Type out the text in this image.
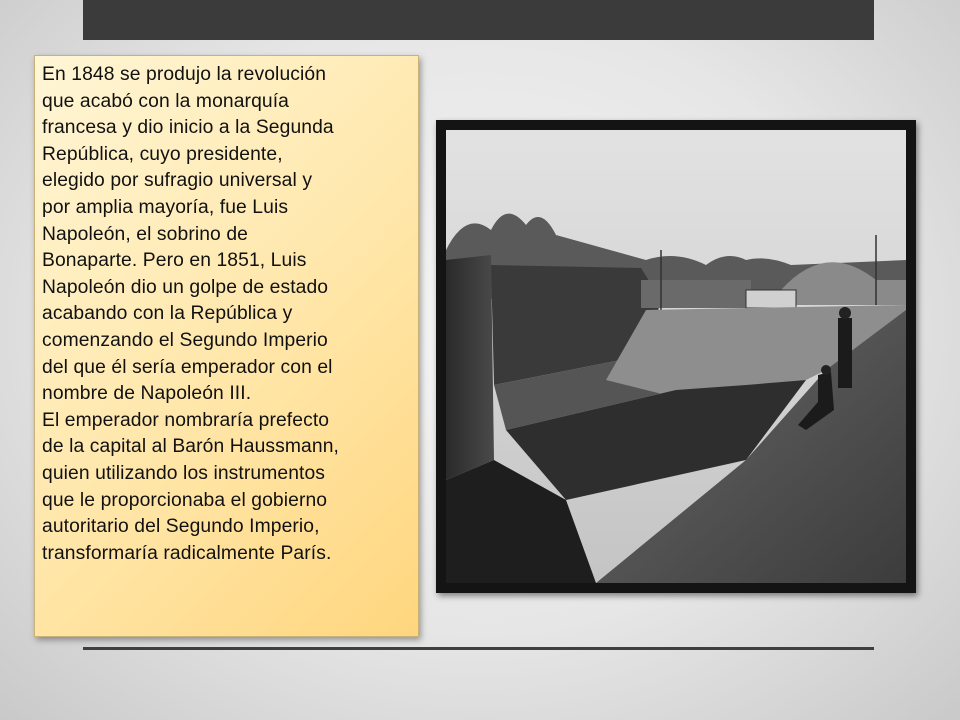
En 1848 se produjo la revolución
que acabó con la monarquía
francesa y dio inicio a la Segunda
República, cuyo presidente,
elegido por sufragio universal y
por amplia mayoría, fue Luis
Napoleón, el sobrino de
Bonaparte. Pero en 1851, Luis
Napoleón dio un golpe de estado
acabando con la República y
comenzando el Segundo Imperio
del que él sería emperador con el
nombre de Napoleón III.

El emperador nombraría prefecto
de la capital al Barón Haussmann,
quien utilizando los instrumentos
que le proporcionaba el gobierno
autoritario del Segundo Imperio,
transformaría radicalmente París.
